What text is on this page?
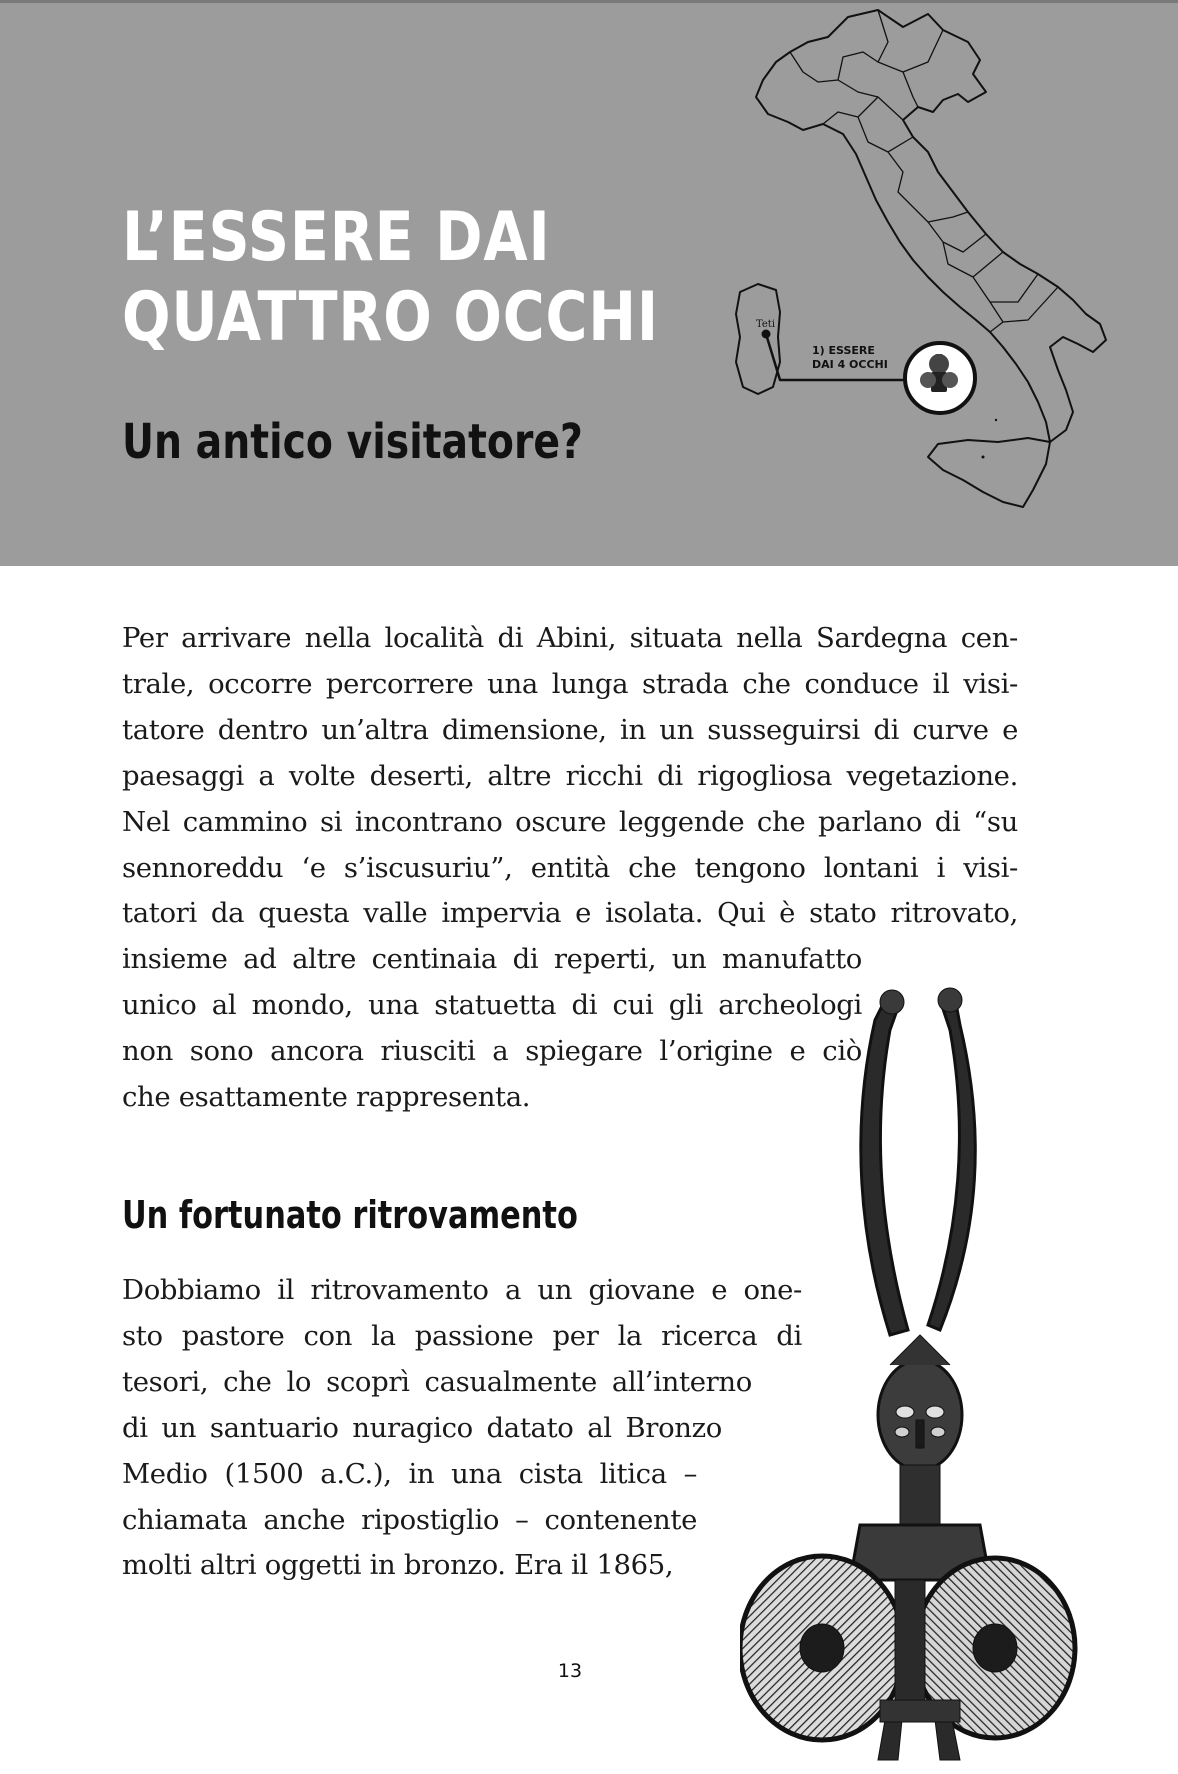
L’ESSERE DAI
QUATTRO OCCHI
Un antico visitatore?
Teti
1) ESSERE
DAI 4 OCCHI
Per arrivare nella località di Abini, situata nella Sardegna cen-
trale, occorre percorrere una lunga strada che conduce il visi-
tatore dentro un’altra dimensione, in un susseguirsi di curve e
paesaggi a volte deserti, altre ricchi di rigogliosa vegetazione.
Nel cammino si incontrano oscure leggende che parlano di “su
sennoreddu ‘e s’iscusuriu”, entità che tengono lontani i visi-
tatori da questa valle impervia e isolata. Qui è stato ritrovato,
insieme ad altre centinaia di reperti, un manufatto
unico al mondo, una statuetta di cui gli archeologi
non sono ancora riusciti a spiegare l’origine e ciò
che esattamente rappresenta.
Un fortunato ritrovamento
Dobbiamo il ritrovamento a un giovane e one-
sto pastore con la passione per la ricerca di
tesori, che lo scoprì casualmente all’interno
di un santuario nuragico datato al Bronzo
Medio (1500 a.C.), in una cista litica –
chiamata anche ripostiglio – contenente
molti altri oggetti in bronzo. Era il 1865,
13
